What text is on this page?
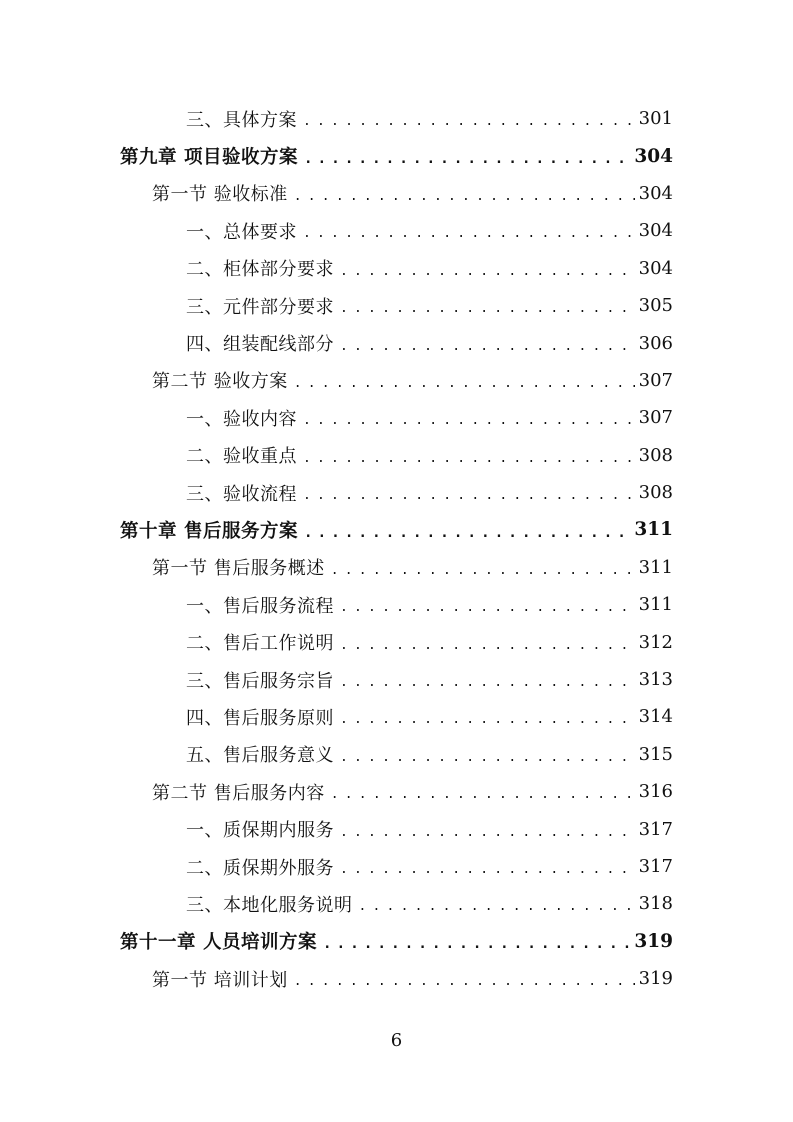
三、具体方案 .....	301
第九章 项目验收方案 .....	304
第一节 验收标准 .....	304
一、总体要求 .....	304
二、柜体部分要求 .....	304
三、元件部分要求 .....	305
四、组装配线部分 .....	306
第二节 验收方案 .....	307
一、验收内容 .....	307
二、验收重点 .....	308
三、验收流程 .....	308
第十章 售后服务方案 .....	311
第一节 售后服务概述 .....	311
一、售后服务流程 .....	311
二、售后工作说明 .....	312
三、售后服务宗旨 .....	313
四、售后服务原则 .....	314
五、售后服务意义 .....	315
第二节 售后服务内容 .....	316
一、质保期内服务 .....	317
二、质保期外服务 .....	317
三、本地化服务说明 .....	318
第十一章 人员培训方案 .....	319
第一节 培训计划 .....	319
6
